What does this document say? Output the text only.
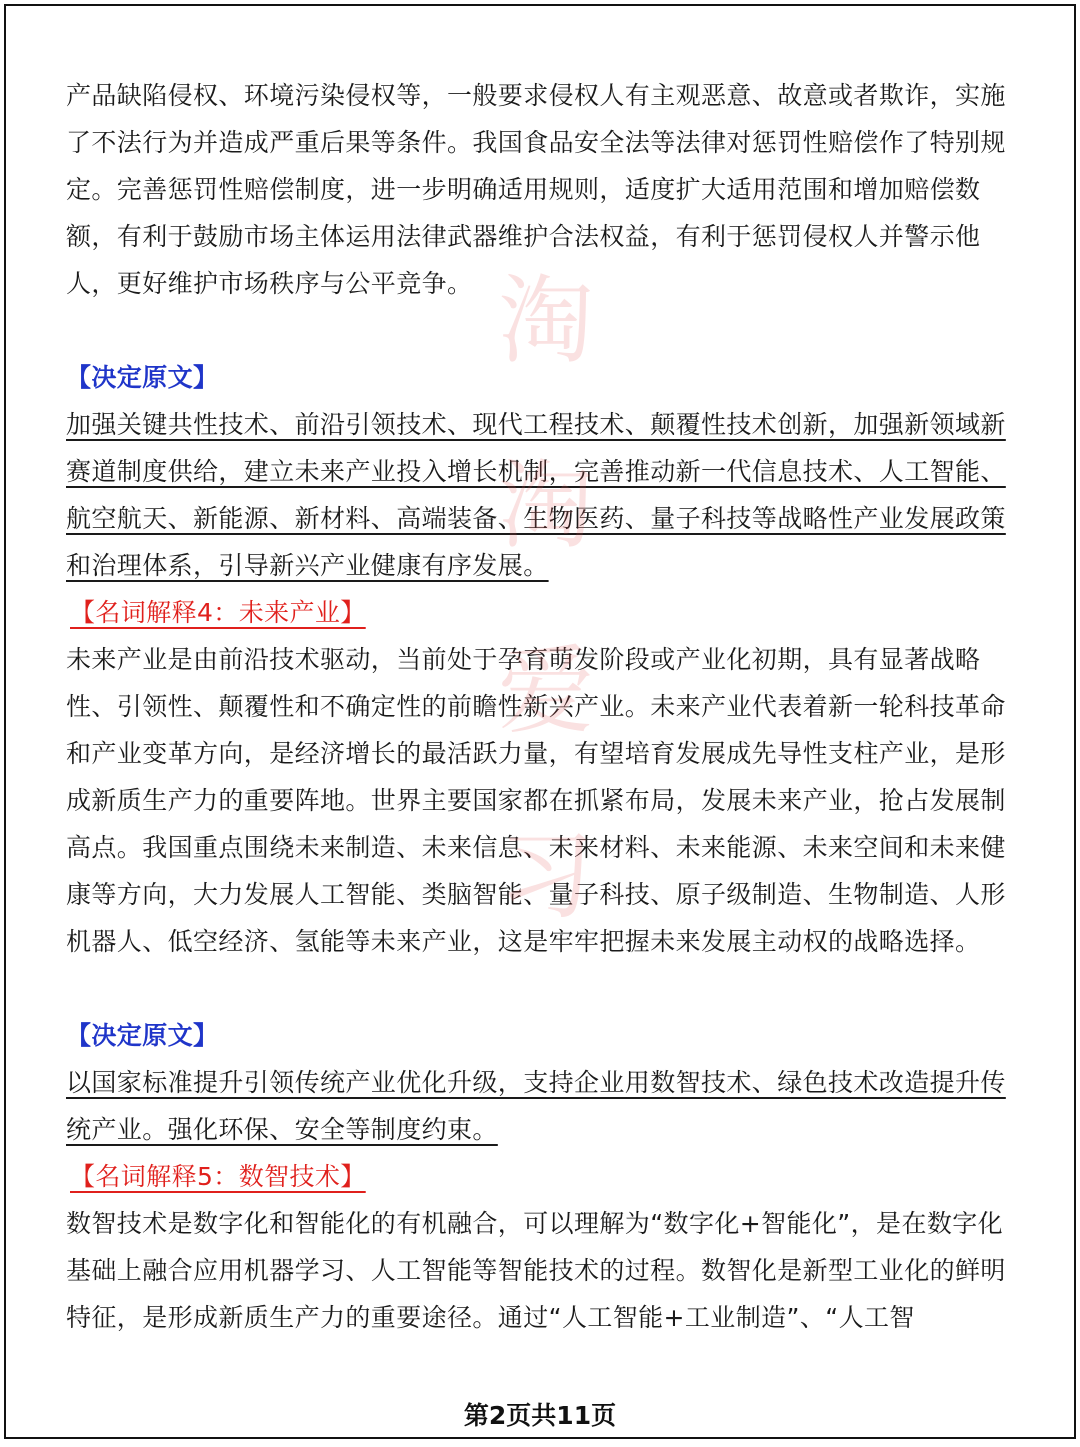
淘
淘
爱
习

产品缺陷侵权、环境污染侵权等，一般要求侵权人有主观恶意、故意或者欺诈，实施了不法行为并造成严重后果等条件。我国食品安全法等法律对惩罚性赔偿作了特别规定。完善惩罚性赔偿制度，进一步明确适用规则，适度扩大适用范围和增加赔偿数额，有利于鼓励市场主体运用法律武器维护合法权益，有利于惩罚侵权人并警示他人，更好维护市场秩序与公平竞争。

【决定原文】

加强关键共性技术、前沿引领技术、现代工程技术、颠覆性技术创新，加强新领域新赛道制度供给，建立未来产业投入增长机制，完善推动新一代信息技术、人工智能、航空航天、新能源、新材料、高端装备、生物医药、量子科技等战略性产业发展政策和治理体系，引导新兴产业健康有序发展。

【名词解释4：未来产业】

未来产业是由前沿技术驱动，当前处于孕育萌发阶段或产业化初期，具有显著战略性、引领性、颠覆性和不确定性的前瞻性新兴产业。未来产业代表着新一轮科技革命和产业变革方向，是经济增长的最活跃力量，有望培育发展成先导性支柱产业，是形成新质生产力的重要阵地。世界主要国家都在抓紧布局，发展未来产业，抢占发展制高点。我国重点围绕未来制造、未来信息、未来材料、未来能源、未来空间和未来健康等方向，大力发展人工智能、类脑智能、量子科技、原子级制造、生物制造、人形机器人、低空经济、氢能等未来产业，这是牢牢把握未来发展主动权的战略选择。

【决定原文】

以国家标准提升引领传统产业优化升级，支持企业用数智技术、绿色技术改造提升传统产业。强化环保、安全等制度约束。

【名词解释5：数智技术】

数智技术是数字化和智能化的有机融合，可以理解为“数字化+智能化”，是在数字化基础上融合应用机器学习、人工智能等智能技术的过程。数智化是新型工业化的鲜明特征，是形成新质生产力的重要途径。通过“人工智能+工业制造”、“人工智

第2页共11页
